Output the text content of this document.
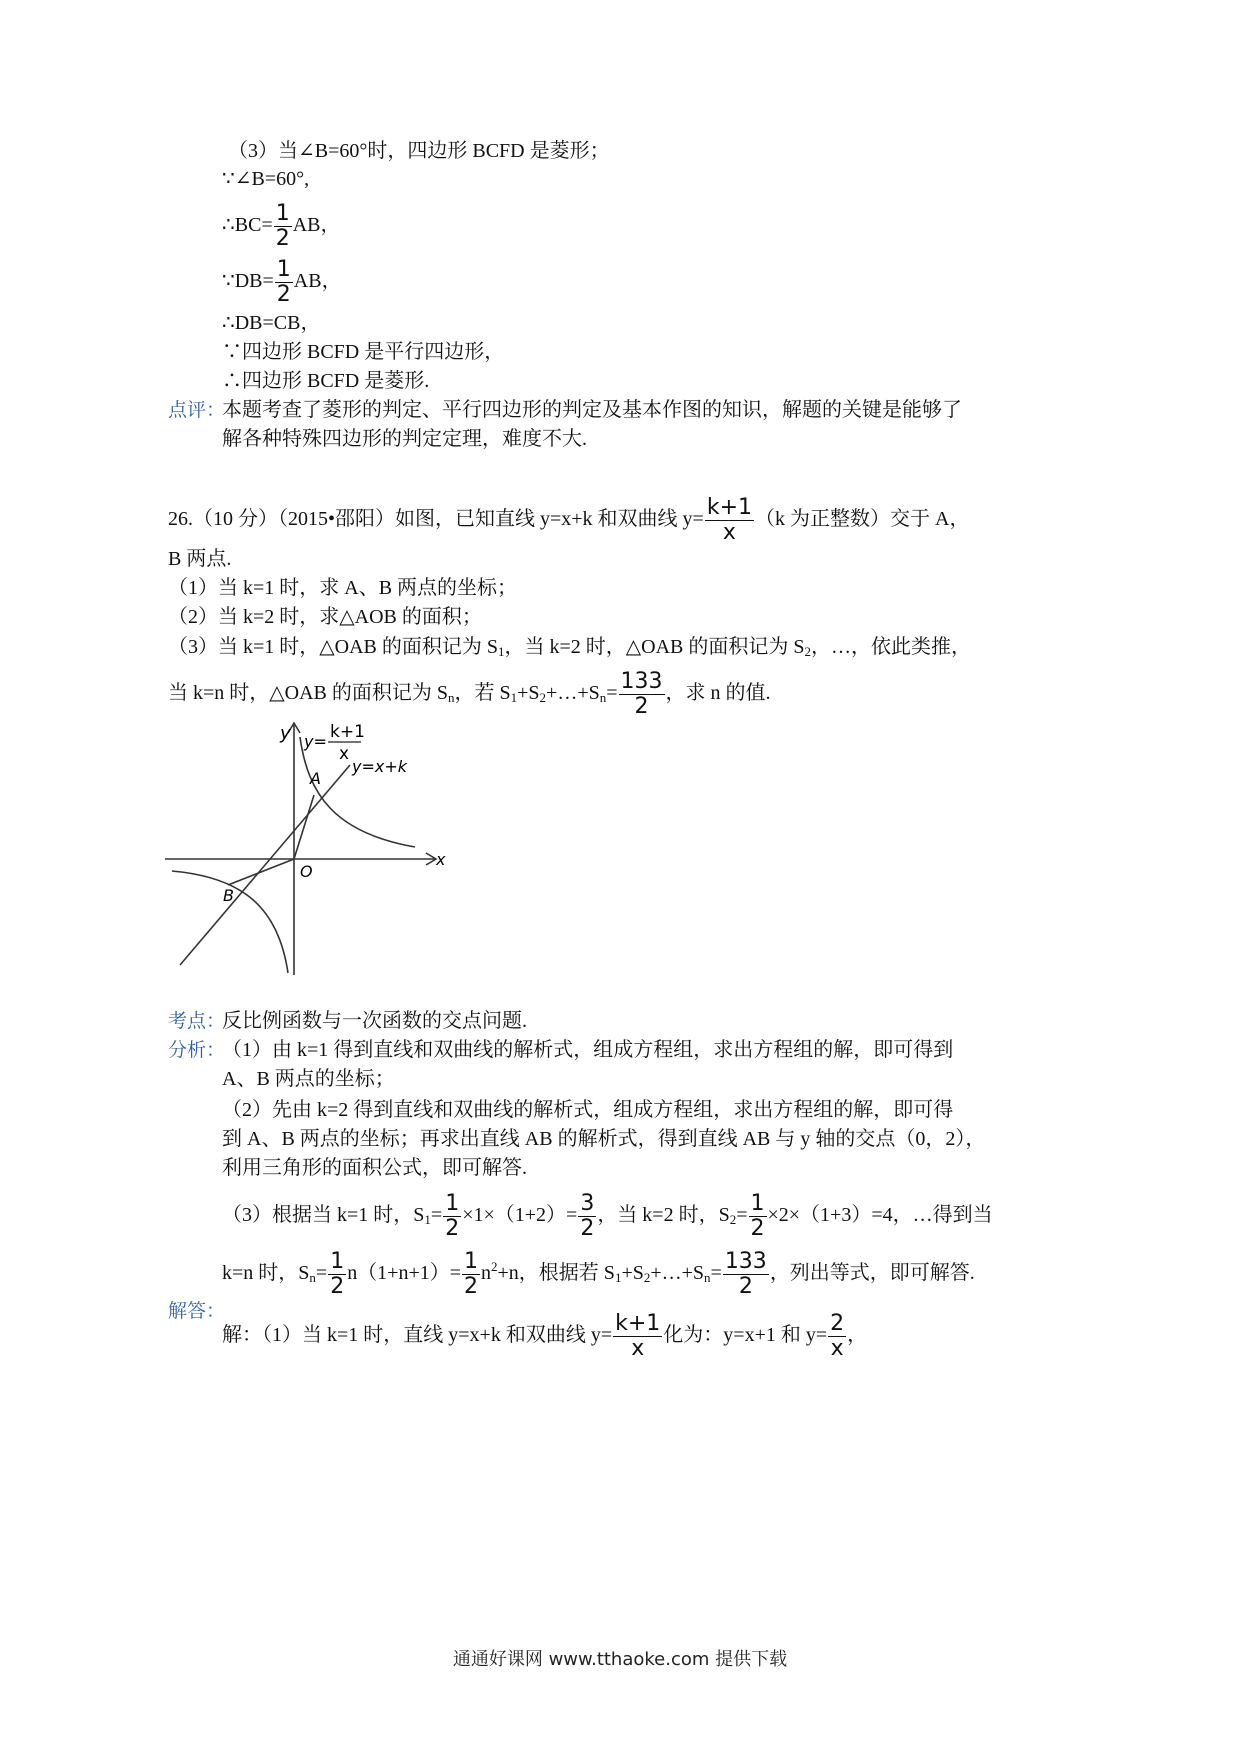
（3）当∠B=60°时，四边形 BCFD 是菱形；
∵∠B=60°,
∴BC= $\frac{1}{2}$ AB，
∵DB= $\frac{1}{2}$ AB，
∴DB=CB，
∵四边形 BCFD 是平行四边形，
∴四边形 BCFD 是菱形.
点评：
本题考查了菱形的判定、平行四边形的判定及基本作图的知识，解题的关键是能够了
解各种特殊四边形的判定定理，难度不大.
26.（10 分）（2015•邵阳）如图，已知直线 y=x+k 和双曲线 $y= \frac{k+1}{x} (k$ 为正整数）交于 A，
B 两点.
（1）当 k=1 时，求 A、B 两点的坐标；
（2）当 k=2 时，求△AOB 的面积；
（3）当 k=1 时，△OAB 的面积记为 $S_1$，当 k=2 时，△OAB 的面积记为 $S_2$，…，依此类推，
当 k=n 时，△OAB 的面积记为 $S_n$，若 $S_1+S_2+\dots+S_n= \frac{133}{2}$ ，求 n 的值.
y y= k+1
x
y=x+k
A
B
O
x
考点：
反比例函数与一次函数的交点问题.
分析：
（1）由 k=1 得到直线和双曲线的解析式，组成方程组，求出方程组的解，即可得到
A、B 两点的坐标；
（2）先由 k=2 得到直线和双曲线的解析式，组成方程组，求出方程组的解，即可得
到 A、B 两点的坐标；再求出直线 AB 的解析式，得到直线 AB 与 y 轴的交点（0，2），
利用三角形的面积公式，即可解答.
（3）根据当 k=1 时，$S_1= \frac{1}{2} \times 1\times(1+2)= \frac{3}{2}$ ，当 k=2 时，$S_2= \frac{1}{2} \times 2\times(1+3)=4$，…得到当
k=n 时，$S_n= \frac{1}{2} n(1+n+1)= \frac{1}{2} n^2+n$，根据若 $S_1+S_2+\dots+S_n= \frac{133}{2}$ ，列出等式，即可解答.
解答：
解：（1）当 k=1 时，直线 y=x+k 和双曲线 $y= \frac{k+1}{x}$ 化为：y=x+1 和 $y= \frac{2}{x}$ ，
通通好课网 www.tthaoke.com 提供下载
